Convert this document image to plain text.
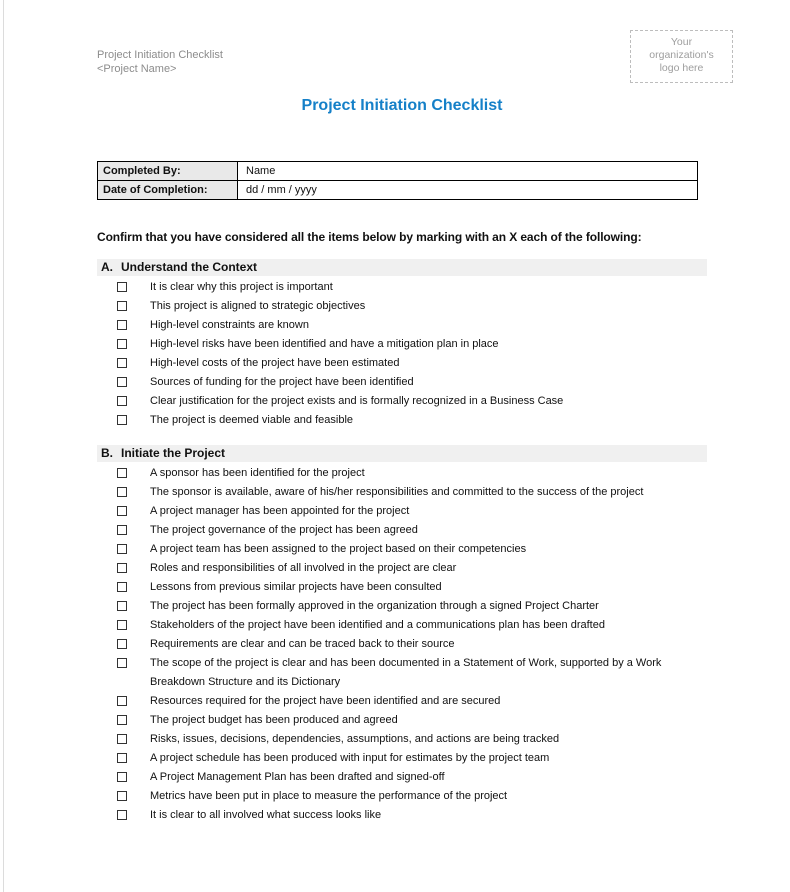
Project Initiation Checklist
<Project Name>
Your
organization's
logo here
Project Initiation Checklist
Completed By:	Name
Date of Completion:	dd / mm / yyyy
Confirm that you have considered all the items below by marking with an X each of the following:
A. Understand the Context
It is clear why this project is important
This project is aligned to strategic objectives
High-level constraints are known
High-level risks have been identified and have a mitigation plan in place
High-level costs of the project have been estimated
Sources of funding for the project have been identified
Clear justification for the project exists and is formally recognized in a Business Case
The project is deemed viable and feasible
B. Initiate the Project
A sponsor has been identified for the project
The sponsor is available, aware of his/her responsibilities and committed to the success of the project
A project manager has been appointed for the project
The project governance of the project has been agreed
A project team has been assigned to the project based on their competencies
Roles and responsibilities of all involved in the project are clear
Lessons from previous similar projects have been consulted
The project has been formally approved in the organization through a signed Project Charter
Stakeholders of the project have been identified and a communications plan has been drafted
Requirements are clear and can be traced back to their source
The scope of the project is clear and has been documented in a Statement of Work, supported by a Work Breakdown Structure and its Dictionary
Resources required for the project have been identified and are secured
The project budget has been produced and agreed
Risks, issues, decisions, dependencies, assumptions, and actions are being tracked
A project schedule has been produced with input for estimates by the project team
A Project Management Plan has been drafted and signed-off
Metrics have been put in place to measure the performance of the project
It is clear to all involved what success looks like
